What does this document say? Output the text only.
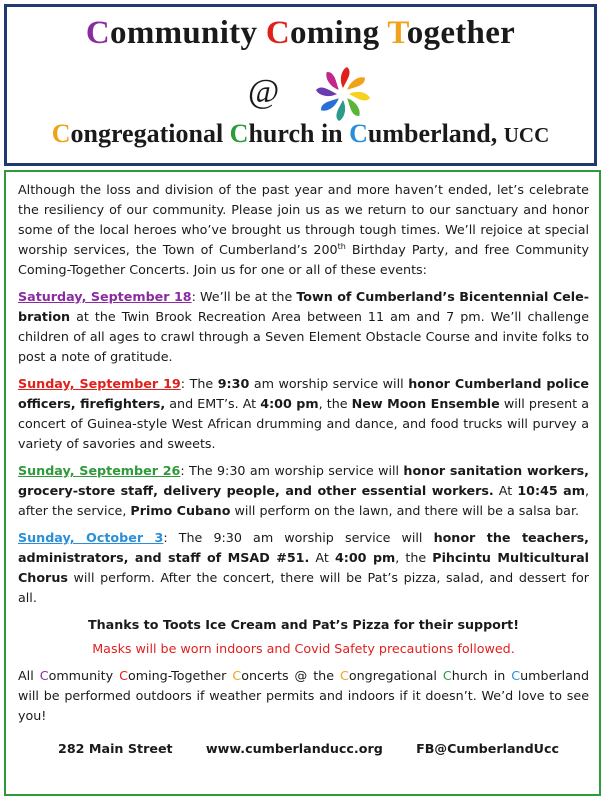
Community Coming Together
@
Congregational Church in Cumberland, UCC

Although the loss and division of the past year and more haven’t ended, let’s celebrate the resiliency of our community. Please join us as we return to our sanctuary and honor some of the local heroes who’ve brought us through tough times. We’ll rejoice at special worship services, the Town of Cumberland’s 200th Birthday Party, and free Community Coming-Together Concerts. Join us for one or all of these events:

Saturday, September 18: We’ll be at the Town of Cumberland’s Bicentennial Celebration at the Twin Brook Recreation Area between 11 am and 7 pm. We’ll challenge children of all ages to crawl through a Seven Element Obstacle Course and invite folks to post a note of gratitude.

Sunday, September 19: The 9:30 am worship service will honor Cumberland police officers, firefighters, and EMT’s. At 4:00 pm, the New Moon Ensemble will present a concert of Guinea-style West African drumming and dance, and food trucks will purvey a variety of savories and sweets.

Sunday, September 26: The 9:30 am worship service will honor sanitation workers, grocery-store staff, delivery people, and other essential workers. At 10:45 am, after the service, Primo Cubano will perform on the lawn, and there will be a salsa bar.

Sunday, October 3: The 9:30 am worship service will honor the teachers, administrators, and staff of MSAD #51. At 4:00 pm, the Pihcintu Multicultural Chorus will perform. After the concert, there will be Pat’s pizza, salad, and dessert for all.

Thanks to Toots Ice Cream and Pat’s Pizza for their support!

Masks will be worn indoors and Covid Safety precautions followed.

All Community Coming-Together Concerts @ the Congregational Church in Cumberland will be performed outdoors if weather permits and indoors if it doesn’t. We’d love to see you!

282 Main Street	www.cumberlanducc.org	FB@CumberlandUcc
